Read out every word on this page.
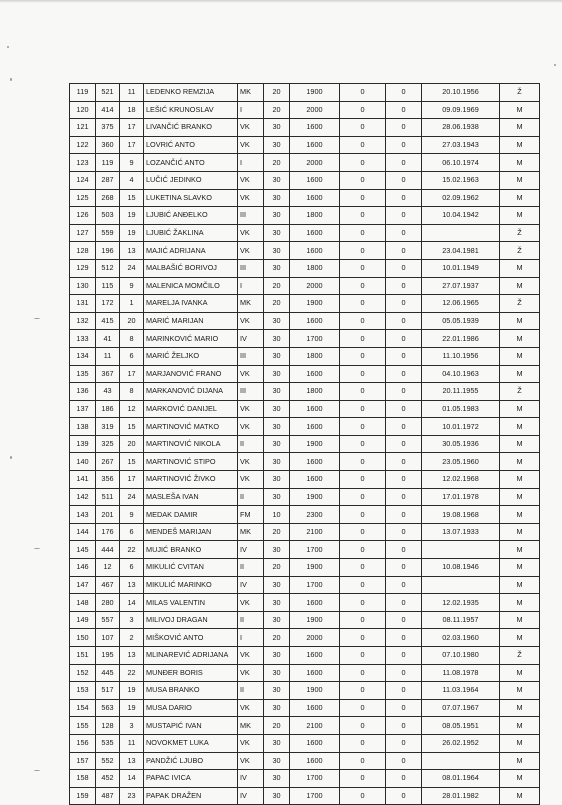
119	521	11	LEDENKO REMZIJA	MK	20	1900	0	0	20.10.1956	Ž
120	414	18	LEŠIĆ KRUNOSLAV	I	20	2000	0	0	09.09.1969	M
121	375	17	LIVANČIĆ BRANKO	VK	30	1600	0	0	28.06.1938	M
122	360	17	LOVRIĆ ANTO	VK	30	1600	0	0	27.03.1943	M
123	119	9	LOZANČIĆ ANTO	I	20	2000	0	0	06.10.1974	M
124	287	4	LUČIĆ JEDINKO	VK	30	1600	0	0	15.02.1963	M
125	268	15	LUKETINA SLAVKO	VK	30	1600	0	0	02.09.1962	M
126	503	19	LJUBIĆ ANĐELKO	III	30	1800	0	0	10.04.1942	M
127	559	19	LJUBIĆ ŽAKLINA	VK	30	1600	0	0		Ž
128	196	13	MAJIĆ ADRIJANA	VK	30	1600	0	0	23.04.1981	Ž
129	512	24	MALBAŠIĆ BORIVOJ	III	30	1800	0	0	10.01.1949	M
130	115	9	MALENICA MOMČILO	I	20	2000	0	0	27.07.1937	M
131	172	1	MARELJA IVANKA	MK	20	1900	0	0	12.06.1965	Ž
132	415	20	MARIĆ MARIJAN	VK	30	1600	0	0	05.05.1939	M
133	41	8	MARINKOVIĆ MARIO	IV	30	1700	0	0	22.01.1986	M
134	11	6	MARIĆ ŽELJKO	III	30	1800	0	0	11.10.1956	M
135	367	17	MARJANOVIĆ FRANO	VK	30	1600	0	0	04.10.1963	M
136	43	8	MARKANOVIĆ DIJANA	III	30	1800	0	0	20.11.1955	Ž
137	186	12	MARKOVIĆ DANIJEL	VK	30	1600	0	0	01.05.1983	M
138	319	15	MARTINOVIĆ MATKO	VK	30	1600	0	0	10.01.1972	M
139	325	20	MARTINOVIĆ NIKOLA	II	30	1900	0	0	30.05.1936	M
140	267	15	MARTINOVIĆ STIPO	VK	30	1600	0	0	23.05.1960	M
141	356	17	MARTINOVIĆ ŽIVKO	VK	30	1600	0	0	12.02.1968	M
142	511	24	MASLEŠA IVAN	II	30	1900	0	0	17.01.1978	M
143	201	9	MEDAK DAMIR	FM	10	2300	0	0	19.08.1968	M
144	176	6	MENDEŠ MARIJAN	MK	20	2100	0	0	13.07.1933	M
145	444	22	MUJIĆ BRANKO	IV	30	1700	0	0		M
146	12	6	MIKULIĆ CVITAN	II	20	1900	0	0	10.08.1946	M
147	467	13	MIKULIĆ MARINKO	IV	30	1700	0	0		M
148	280	14	MILAS VALENTIN	VK	30	1600	0	0	12.02.1935	M
149	557	3	MILIVOJ DRAGAN	II	30	1900	0	0	08.11.1957	M
150	107	2	MIŠKOVIĆ ANTO	I	20	2000	0	0	02.03.1960	M
151	195	13	MLINAREVIĆ ADRIJANA	VK	30	1600	0	0	07.10.1980	Ž
152	445	22	MUNĐER BORIS	VK	30	1600	0	0	11.08.1978	M
153	517	19	MUSA BRANKO	II	30	1900	0	0	11.03.1964	M
154	563	19	MUSA DARIO	VK	30	1600	0	0	07.07.1967	M
155	128	3	MUSTAPIĆ IVAN	MK	20	2100	0	0	08.05.1951	M
156	535	11	NOVOKMET LUKA	VK	30	1600	0	0	26.02.1952	M
157	552	13	PANDŽIĆ LJUBO	VK	30	1600	0	0		M
158	452	14	PAPAC IVICA	IV	30	1700	0	0	08.01.1964	M
159	487	23	PAPAK DRAŽEN	IV	30	1700	0	0	28.01.1982	M
